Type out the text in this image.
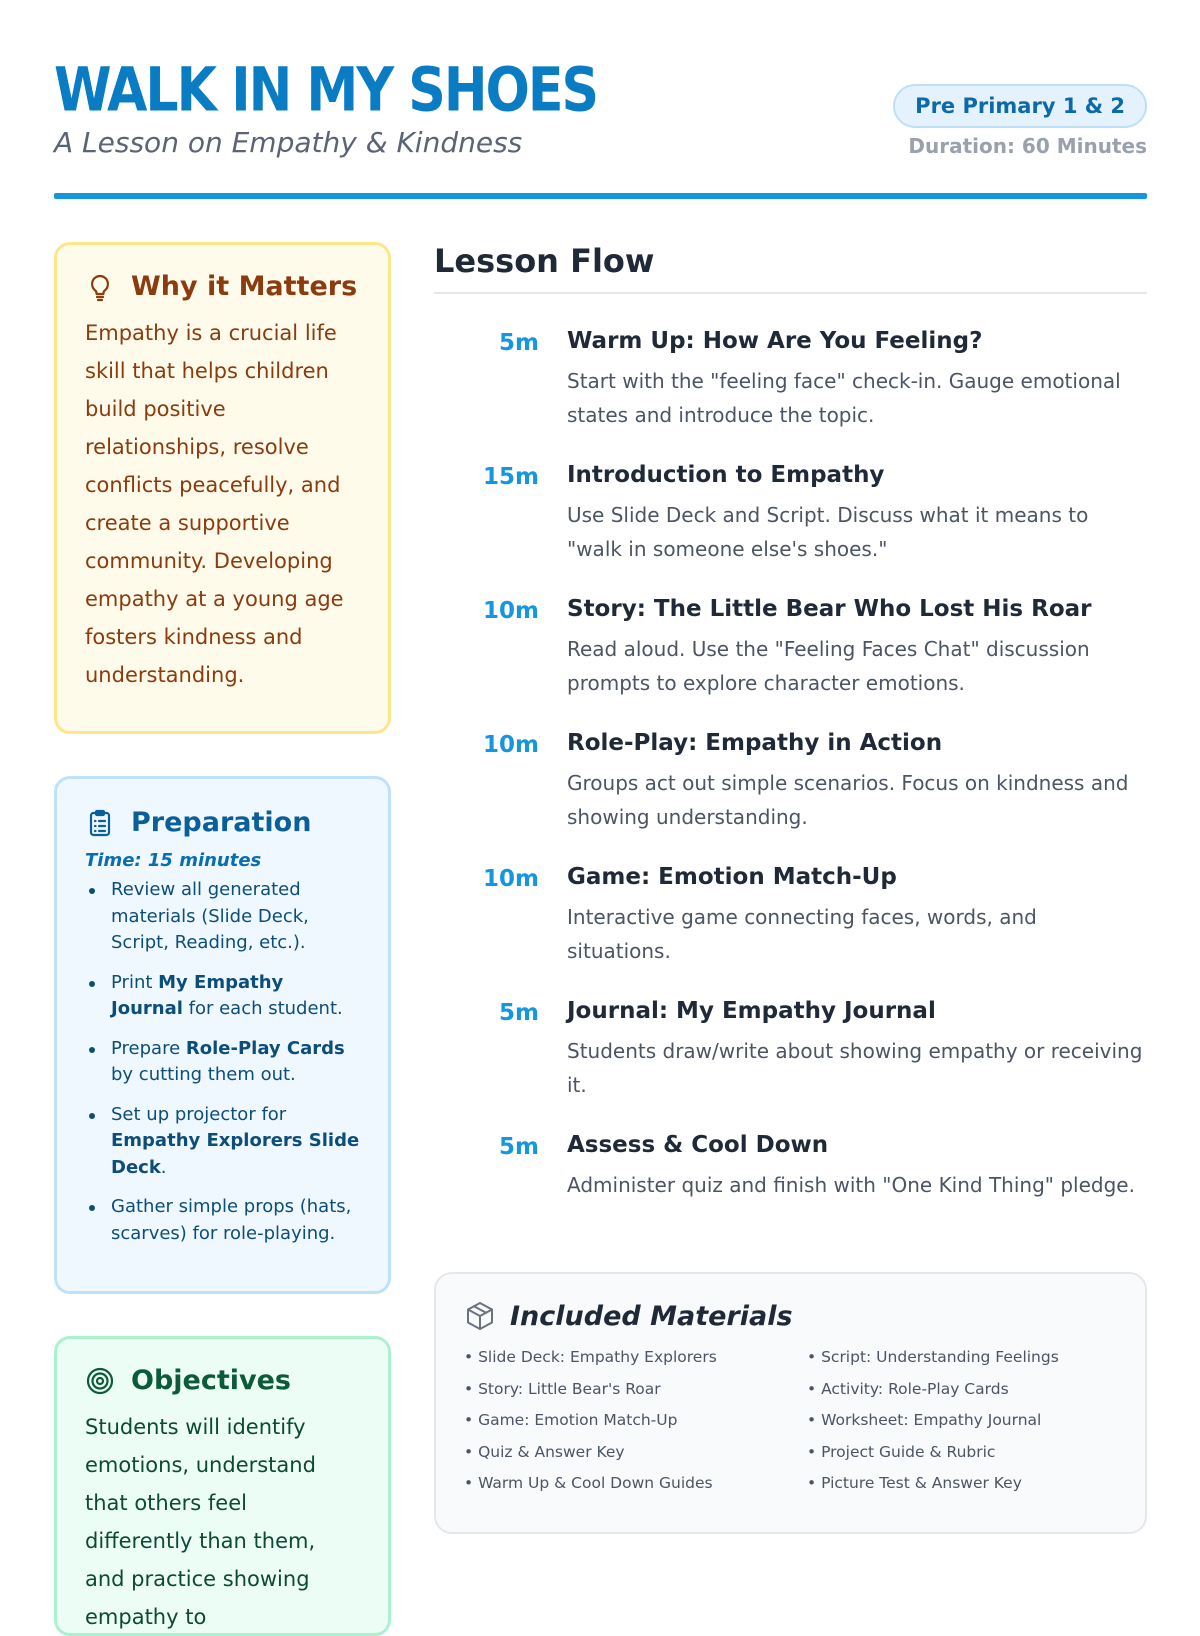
WALK IN MY SHOES
A Lesson on Empathy & Kindness
Pre Primary 1 & 2
Duration: 60 Minutes
Why it Matters

Empathy is a crucial life skill that helps children build positive relationships, resolve conflicts peacefully, and create a supportive community. Developing empathy at a young age fosters kindness and understanding.

Preparation
Time: 15 minutes
Review all generated materials (Slide Deck, Script, Reading, etc.).
Print My Empathy Journal for each student.
Prepare Role-Play Cards by cutting them out.
Set up projector for Empathy Explorers Slide Deck.
Gather simple props (hats, scarves) for role-playing.
Objectives

Students will identify emotions, understand that others feel differently than them, and practice showing empathy to

Lesson Flow
5m Warm Up: How Are You Feeling?
Start with the "feeling face" check-in. Gauge emotional states and introduce the topic.
15m Introduction to Empathy
Use Slide Deck and Script. Discuss what it means to "walk in someone else's shoes."
10m Story: The Little Bear Who Lost His Roar
Read aloud. Use the "Feeling Faces Chat" discussion prompts to explore character emotions.
10m Role-Play: Empathy in Action
Groups act out simple scenarios. Focus on kindness and showing understanding.
10m Game: Emotion Match-Up
Interactive game connecting faces, words, and situations.
5m Journal: My Empathy Journal
Students draw/write about showing empathy or receiving it.
5m Assess & Cool Down
Administer quiz and finish with "One Kind Thing" pledge.
Included Materials
• Slide Deck: Empathy Explorers	• Script: Understanding Feelings
• Story: Little Bear's Roar	• Activity: Role-Play Cards
• Game: Emotion Match-Up	• Worksheet: Empathy Journal
• Quiz & Answer Key	• Project Guide & Rubric
• Warm Up & Cool Down Guides	• Picture Test & Answer Key
